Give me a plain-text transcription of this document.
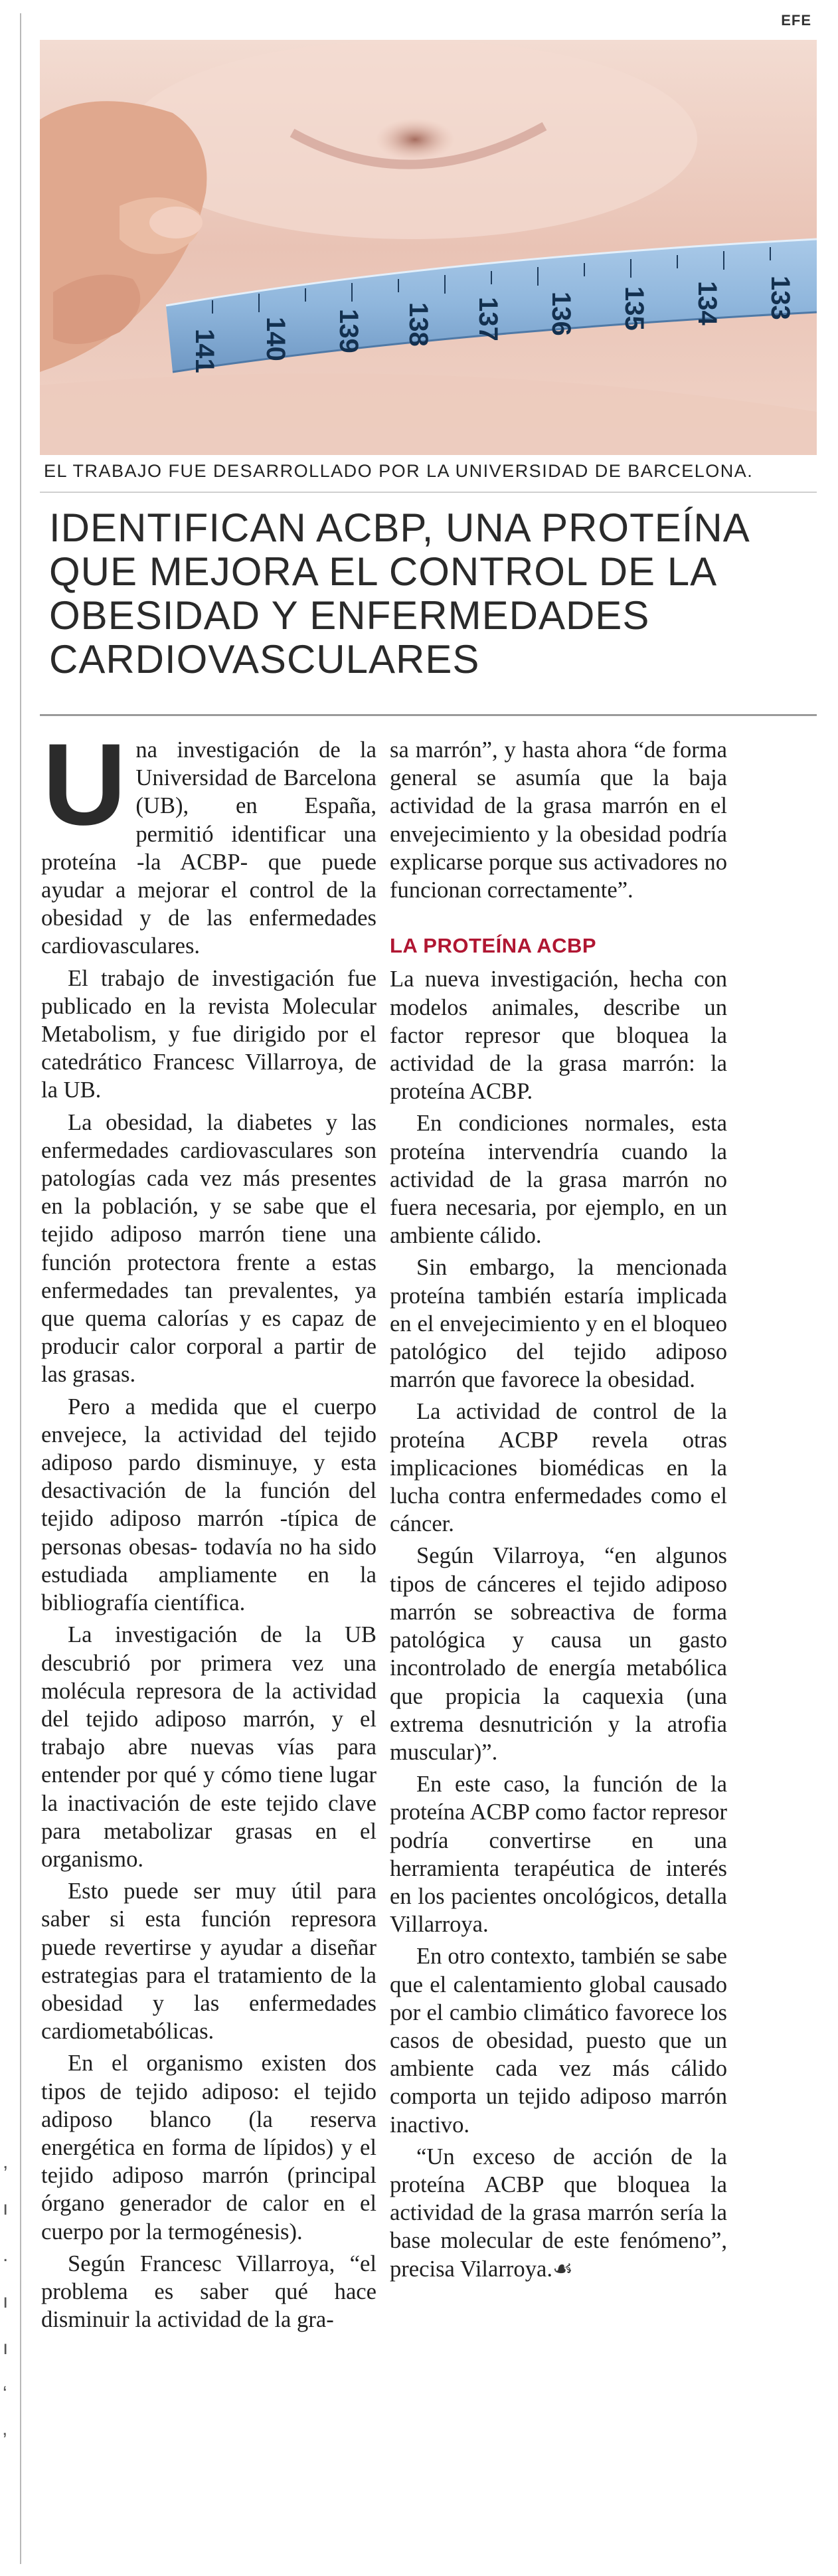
,
ı
.
ı
ı
ʻ
ʼ
EFE
141 140 139 138 137 136 135 134 133
EL TRABAJO FUE DESARROLLADO POR LA UNIVERSIDAD DE BARCELONA.
IDENTIFICAN ACBP, UNA PROTEÍNA QUE MEJORA EL CONTROL DE LA OBESIDAD Y ENFERMEDADES CARDIOVASCULARES

Una investigación de la Universidad de Barcelona (UB), en España, permitió identificar una proteína -la ACBP- que puede ayudar a mejorar el control de la obesidad y de las enfermedades cardiovasculares.

El trabajo de investigación fue publicado en la revista Molecular Metabolism, y fue dirigido por el catedrático Francesc Villarroya, de la UB.

La obesidad, la diabetes y las enfermedades cardiovasculares son patologías cada vez más presentes en la población, y se sabe que el tejido adiposo marrón tiene una función protectora frente a estas enfermedades tan prevalentes, ya que quema calorías y es capaz de producir calor corporal a partir de las grasas.

Pero a medida que el cuerpo envejece, la actividad del tejido adiposo pardo disminuye, y esta desactivación de la función del tejido adiposo marrón -típica de personas obesas- todavía no ha sido estudiada ampliamente en la bibliografía científica.

La investigación de la UB descubrió por primera vez una molécula represora de la actividad del tejido adiposo marrón, y el trabajo abre nuevas vías para entender por qué y cómo tiene lugar la inactivación de este tejido clave para metabolizar grasas en el organismo.

Esto puede ser muy útil para saber si esta función represora puede revertirse y ayudar a diseñar estrategias para el tratamiento de la obesidad y las enfermedades cardiometabólicas.

En el organismo existen dos tipos de tejido adiposo: el tejido adiposo blanco (la reserva energética en forma de lípidos) y el tejido adiposo marrón (principal órgano generador de calor en el cuerpo por la termogénesis).

Según Francesc Villarroya, “el problema es saber qué hace disminuir la actividad de la gra-

sa marrón”, y hasta ahora “de forma general se asumía que la baja actividad de la grasa marrón en el envejecimiento y la obesidad podría explicarse porque sus activadores no funcionan correctamente”.

LA PROTEÍNA ACBP

La nueva investigación, hecha con modelos animales, describe un factor represor que bloquea la actividad de la grasa marrón: la proteína ACBP.

En condiciones normales, esta proteína intervendría cuando la actividad de la grasa marrón no fuera necesaria, por ejemplo, en un ambiente cálido.

Sin embargo, la mencionada proteína también estaría implicada en el envejecimiento y en el bloqueo patológico del tejido adiposo marrón que favorece la obesidad.

La actividad de control de la proteína ACBP revela otras implicaciones biomédicas en la lucha contra enfermedades como el cáncer.

Según Vilarroya, “en algunos tipos de cánceres el tejido adiposo marrón se sobreactiva de forma patológica y causa un gasto incontrolado de energía metabólica que propicia la caquexia (una extrema desnutrición y la atrofia muscular)”.

En este caso, la función de la proteína ACBP como factor represor podría convertirse en una herramienta terapéutica de interés en los pacientes oncológicos, detalla Villarroya.

En otro contexto, también se sabe que el calentamiento global causado por el cambio climático favorece los casos de obesidad, puesto que un ambiente cada vez más cálido comporta un tejido adiposo marrón inactivo.

“Un exceso de acción de la proteína ACBP que bloquea la actividad de la grasa marrón sería la base molecular de este fenómeno”, precisa Vilarroya.☙
